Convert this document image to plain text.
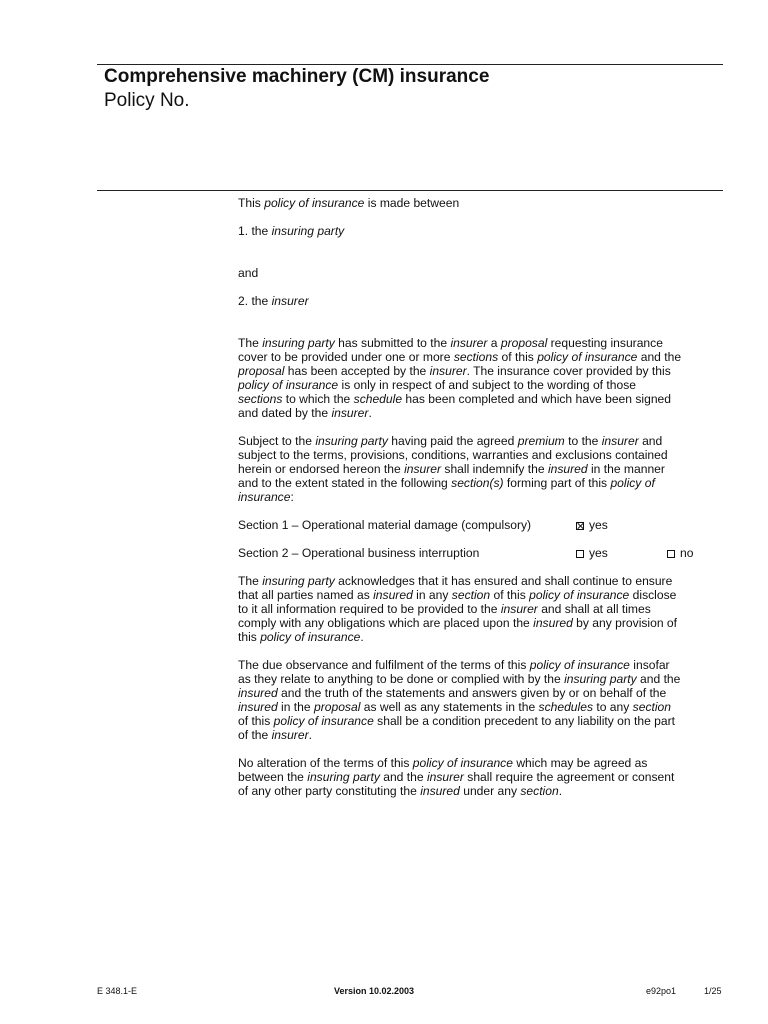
Comprehensive machinery (CM) insurance
Policy No.

This policy of insurance is made between

1. the insuring party

and

2. the insurer

The insuring party has submitted to the insurer a proposal requesting insurance

cover to be provided under one or more sections of this policy of insurance and the

proposal has been accepted by the insurer. The insurance cover provided by this

policy of insurance is only in respect of and subject to the wording of those

sections to which the schedule has been completed and which have been signed

and dated by the insurer.

Subject to the insuring party having paid the agreed premium to the insurer and

subject to the terms, provisions, conditions, warranties and exclusions contained

herein or endorsed hereon the insurer shall indemnify the insured in the manner

and to the extent stated in the following section(s) forming part of this policy of

insurance:

Section 1 – Operational material damage (compulsory)	yes
Section 2 – Operational business interruption	yes	no

The insuring party acknowledges that it has ensured and shall continue to ensure

that all parties named as insured in any section of this policy of insurance disclose

to it all information required to be provided to the insurer and shall at all times

comply with any obligations which are placed upon the insured by any provision of

this policy of insurance.

The due observance and fulfilment of the terms of this policy of insurance insofar

as they relate to anything to be done or complied with by the insuring party and the

insured and the truth of the statements and answers given by or on behalf of the

insured in the proposal as well as any statements in the schedules to any section

of this policy of insurance shall be a condition precedent to any liability on the part

of the insurer.

No alteration of the terms of this policy of insurance which may be agreed as

between the insuring party and the insurer shall require the agreement or consent

of any other party constituting the insured under any section.

E 348.1-E	Version 10.02.2003	e92po1	1/25
